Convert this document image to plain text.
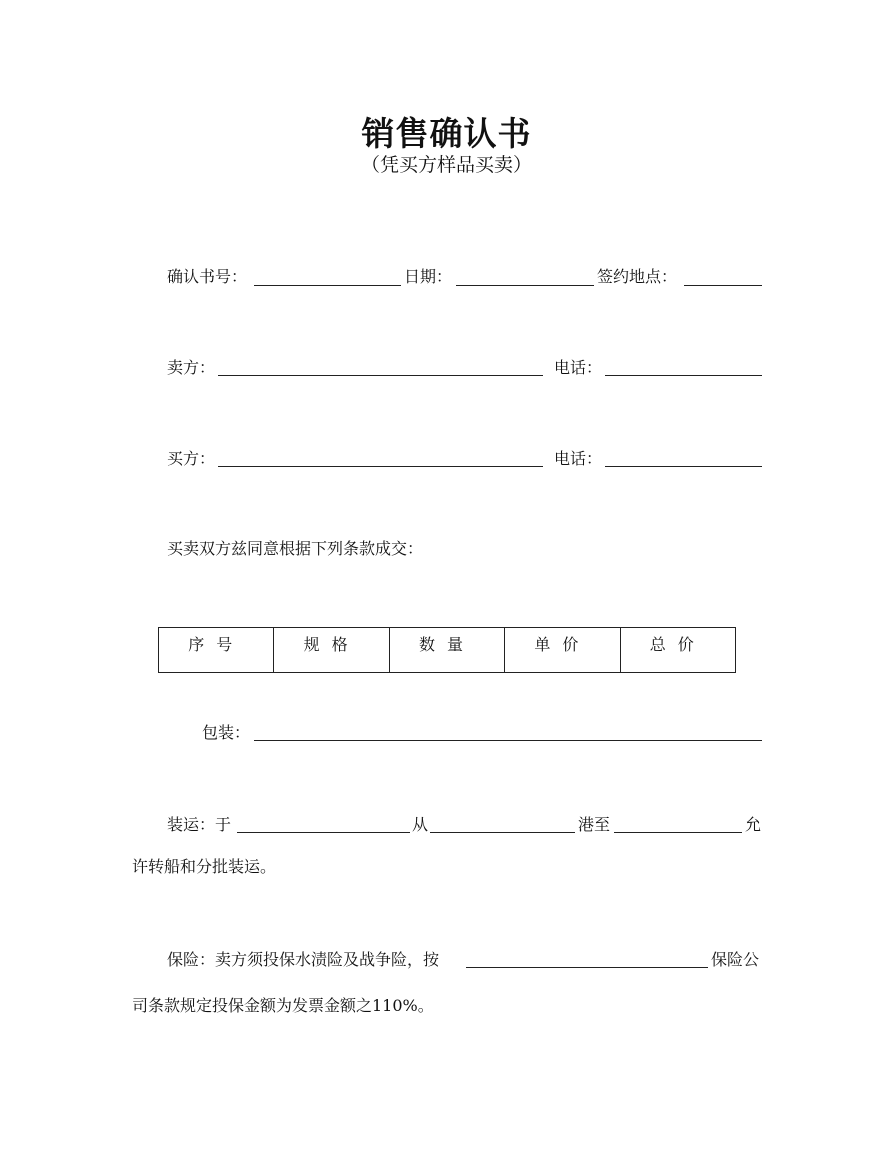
销售确认书
（凭买方样品买卖）
确认书号：	日期：	签约地点：
卖方：	电话：
买方：	电话：
买卖双方兹同意根据下列条款成交：
序号	规格	数量	单价	总价
包装：
装运：于	从	港至	允
许转船和分批装运。
保险：卖方须投保水渍险及战争险，按	保险公
司条款规定投保金额为发票金额之110%。
